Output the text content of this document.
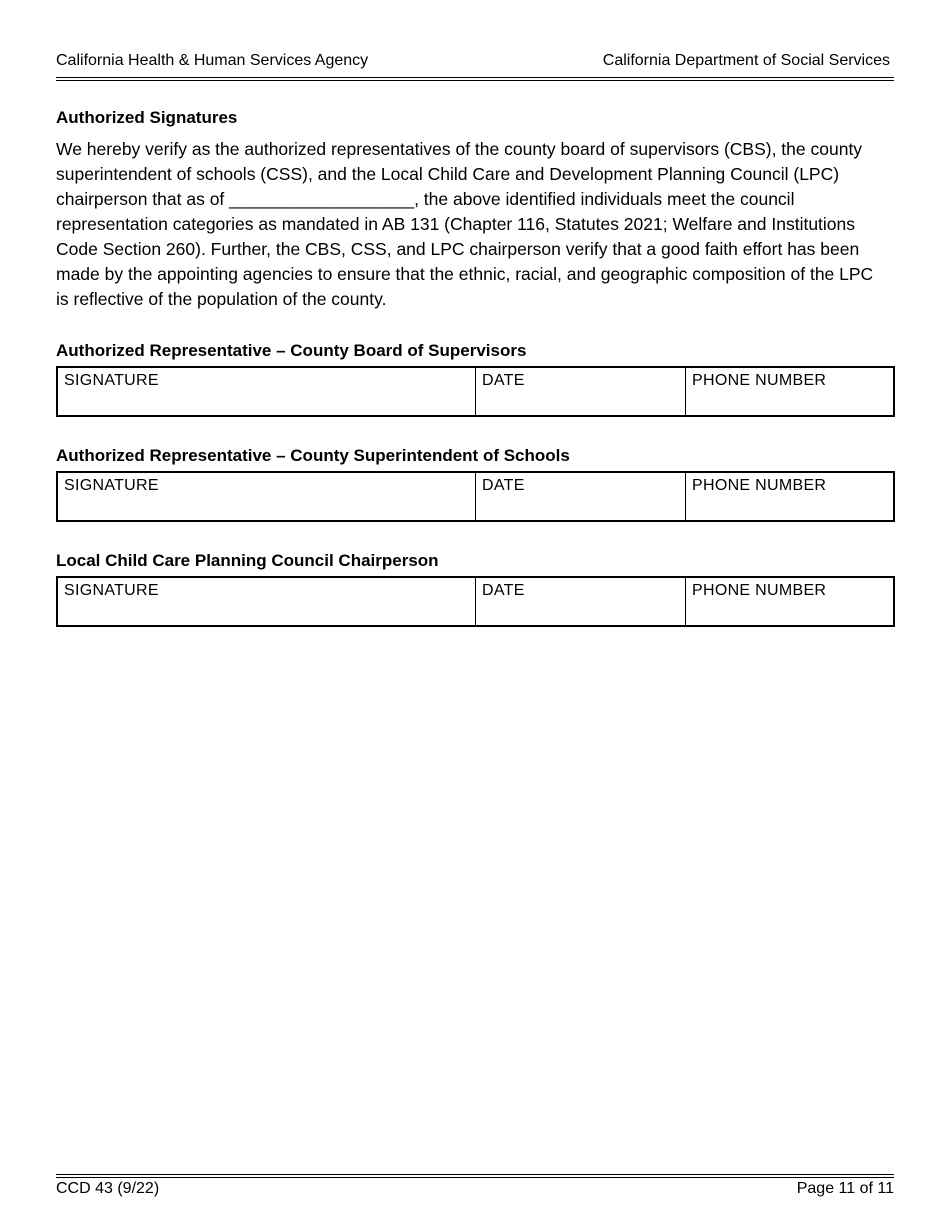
California Health & Human Services Agency	California Department of Social Services
Authorized Signatures

We hereby verify as the authorized representatives of the county board of supervisors (CBS), the county superintendent of schools (CSS), and the Local Child Care and Development Planning Council (LPC) chairperson that as of ___________________, the above identified individuals meet the council representation categories as mandated in AB 131 (Chapter 116, Statutes 2021; Welfare and Institutions Code Section 260). Further, the CBS, CSS, and LPC chairperson verify that a good faith effort has been made by the appointing agencies to ensure that the ethnic, racial, and geographic composition of the LPC is reflective of the population of the county.

Authorized Representative – County Board of Supervisors
SIGNATURE	DATE	PHONE NUMBER
Authorized Representative – County Superintendent of Schools
SIGNATURE	DATE	PHONE NUMBER
Local Child Care Planning Council Chairperson
SIGNATURE	DATE	PHONE NUMBER
CCD 43 (9/22)	Page 11 of 11
